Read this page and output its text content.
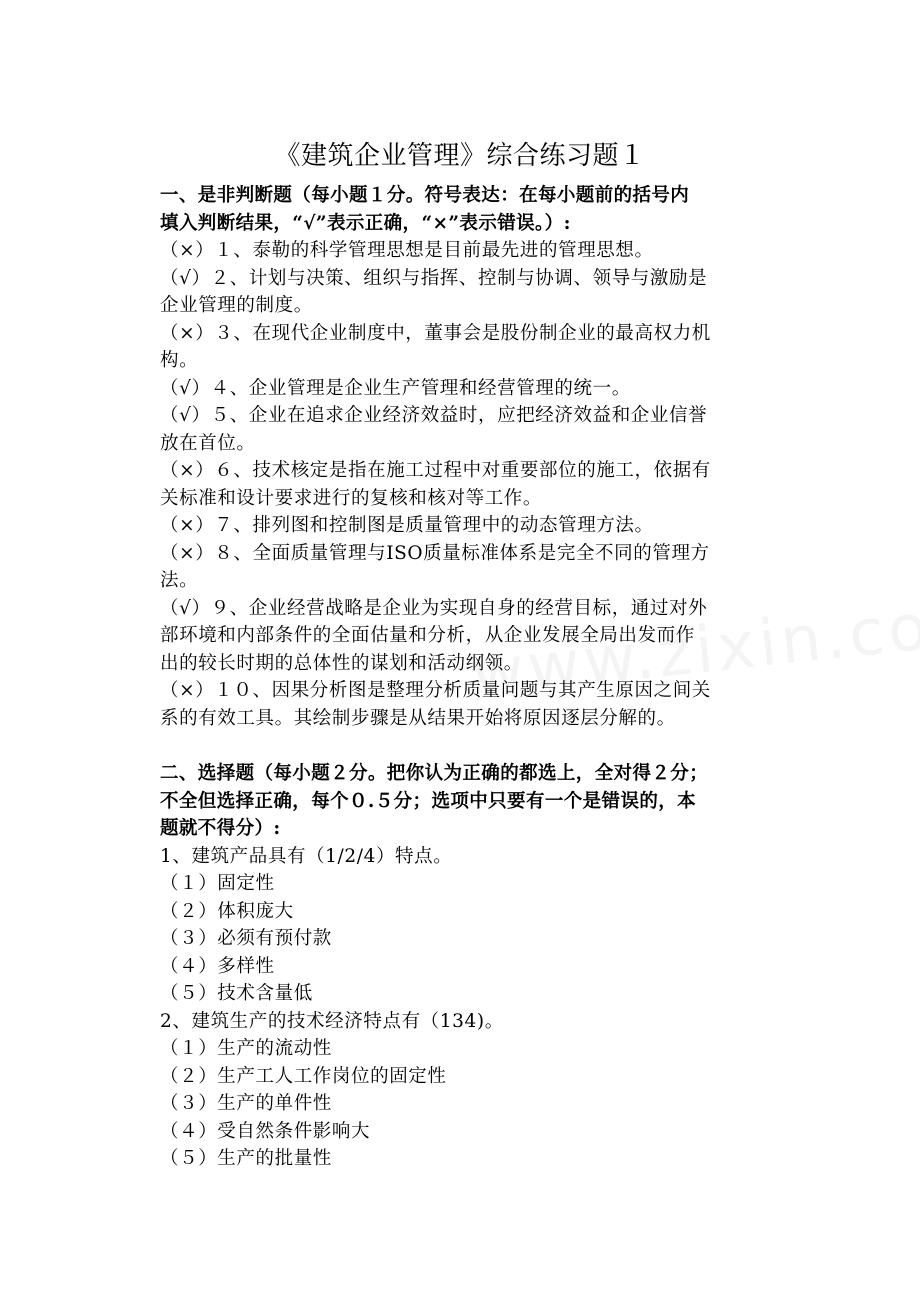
《建筑企业管理》综合练习题１
一、是非判断题（每小题１分。符号表达：在每小题前的括号内
填入判断结果，“√”表示正确，“×”表示错误。）:
（×）１、泰勒的科学管理思想是目前最先进的管理思想。
（√）２、计划与决策、组织与指挥、控制与协调、领导与激励是
企业管理的制度。
（×）３、在现代企业制度中，董事会是股份制企业的最高权力机
构。
（√）４、企业管理是企业生产管理和经营管理的统一。
（√）５、企业在追求企业经济效益时，应把经济效益和企业信誉
放在首位。
（×）６、技术核定是指在施工过程中对重要部位的施工，依据有
关标准和设计要求进行的复核和核对等工作。
（×）７、排列图和控制图是质量管理中的动态管理方法。
（×）８、全面质量管理与ISO质量标准体系是完全不同的管理方
法。
（√）９、企业经营战略是企业为实现自身的经营目标，通过对外
部环境和内部条件的全面估量和分析，从企业发展全局出发而作
出的较长时期的总体性的谋划和活动纲领。
（×）１０、因果分析图是整理分析质量问题与其产生原因之间关
系的有效工具。其绘制步骤是从结果开始将原因逐层分解的。
二、选择题（每小题２分。把你认为正确的都选上，全对得２分；
不全但选择正确，每个０.５分；选项中只要有一个是错误的，本
题就不得分）:
1、建筑产品具有（1/2/4）特点。
（１）固定性
（２）体积庞大
（３）必须有预付款
（４）多样性
（５）技术含量低
2、建筑生产的技术经济特点有（134)。
（１）生产的流动性
（２）生产工人工作岗位的固定性
（３）生产的单件性
（４）受自然条件影响大
（５）生产的批量性
